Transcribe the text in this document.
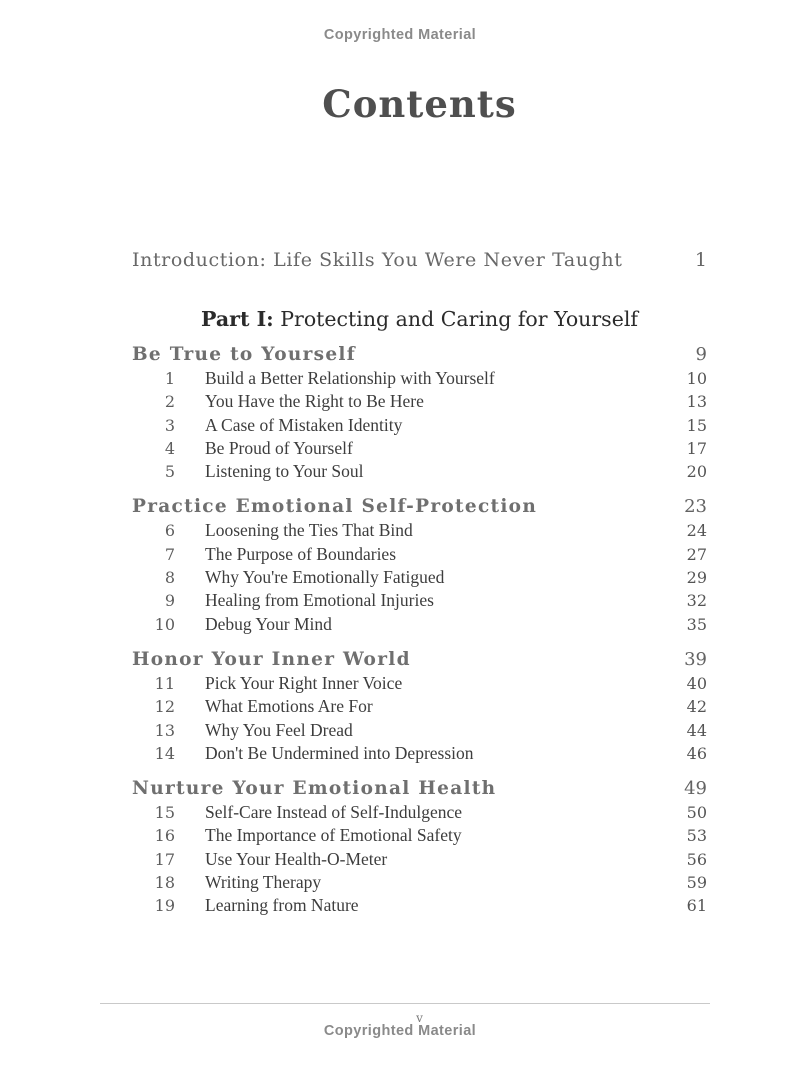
Copyrighted Material
Contents
Introduction: Life Skills You Were Never Taught	1
Part I: Protecting and Caring for Yourself
Be True to Yourself	9
1 Build a Better Relationship with Yourself	10
2 You Have the Right to Be Here	13
3 A Case of Mistaken Identity	15
4 Be Proud of Yourself	17
5 Listening to Your Soul	20
Practice Emotional Self-Protection	23
6 Loosening the Ties That Bind	24
7 The Purpose of Boundaries	27
8 Why You're Emotionally Fatigued	29
9 Healing from Emotional Injuries	32
10 Debug Your Mind	35
Honor Your Inner World	39
11 Pick Your Right Inner Voice	40
12 What Emotions Are For	42
13 Why You Feel Dread	44
14 Don't Be Undermined into Depression	46
Nurture Your Emotional Health	49
15 Self-Care Instead of Self-Indulgence	50
16 The Importance of Emotional Safety	53
17 Use Your Health-O-Meter	56
18 Writing Therapy	59
19 Learning from Nature	61
v
Copyrighted Material
